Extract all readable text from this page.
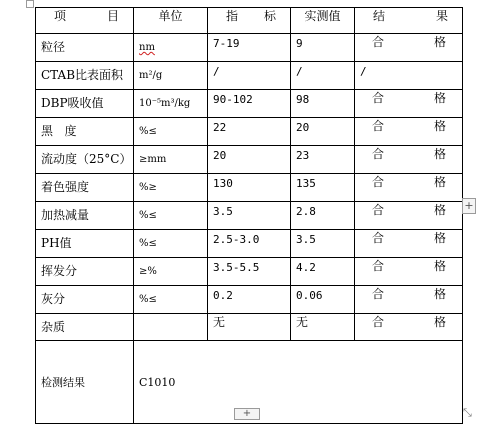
项 目	单位	指 标	实测值	结 果

粒径	nm	7-19	9	合 格

CTAB比表面积	m²/g	/	/	/
DBP吸收值	10⁻⁵m³/kg	90-102	98	合 格

黑 度	%≤	22	20	合 格

流动度（25°C）	≥mm	20	23	合 格

着色强度	%≥	130	135	合 格

加热减量	%≤	3.5	2.8	合 格

PH值	%≤	2.5-3.0	3.5	合 格

挥发分	≥%	3.5-5.5	4.2	合 格

灰分	%≤	0.2	0.06	合 格

杂质		无	无	合 格

检测结果	C1010			
+
+	⤡
